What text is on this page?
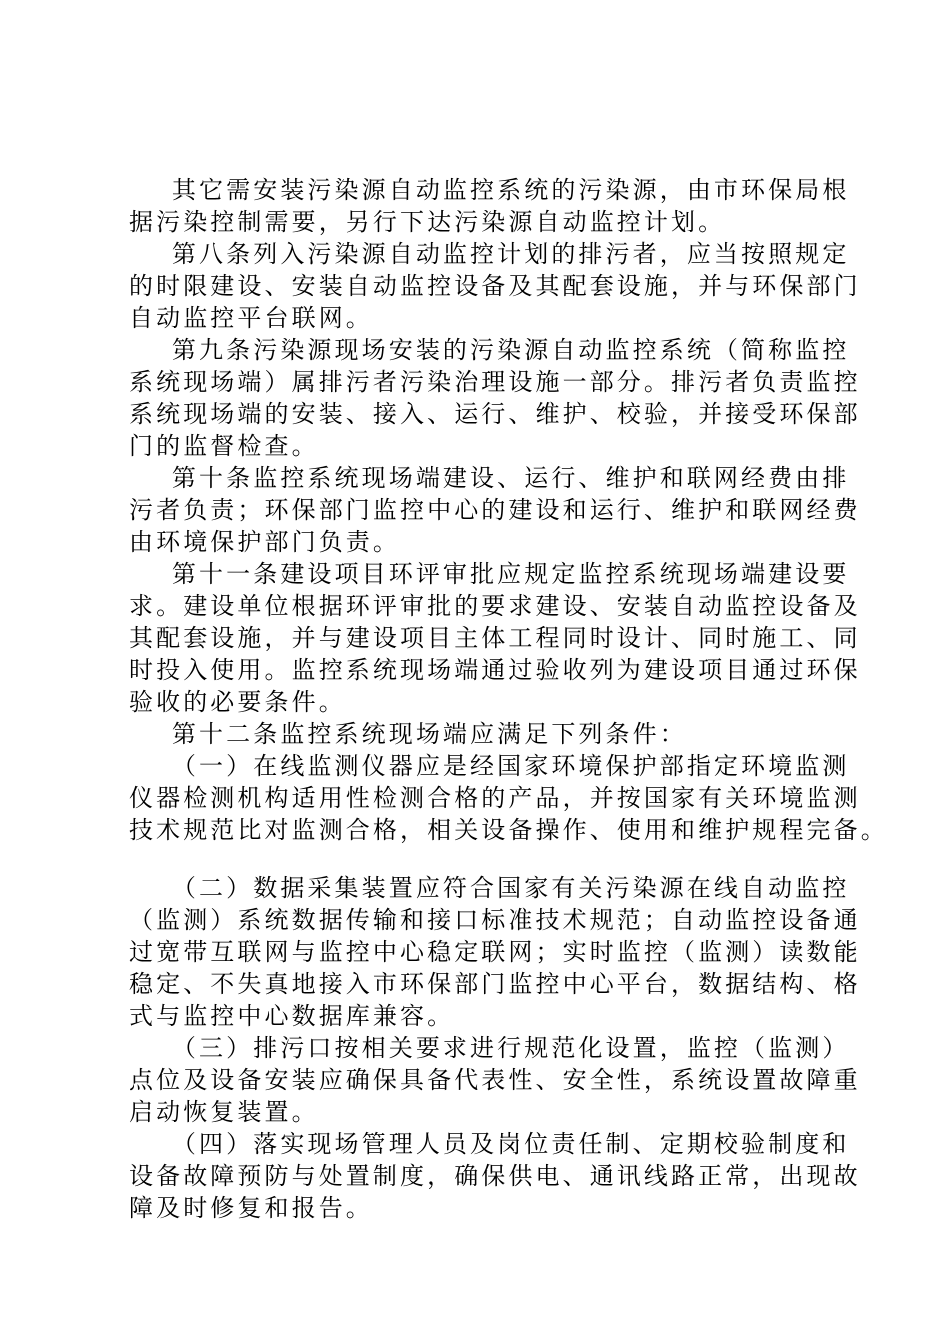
其它需安装污染源自动监控系统的污染源，由市环保局根
据污染控制需要，另行下达污染源自动监控计划。
第八条列入污染源自动监控计划的排污者，应当按照规定
的时限建设、安装自动监控设备及其配套设施，并与环保部门
自动监控平台联网。
第九条污染源现场安装的污染源自动监控系统（简称监控
系统现场端）属排污者污染治理设施一部分。排污者负责监控
系统现场端的安装、接入、运行、维护、校验，并接受环保部
门的监督检查。
第十条监控系统现场端建设、运行、维护和联网经费由排
污者负责；环保部门监控中心的建设和运行、维护和联网经费
由环境保护部门负责。
第十一条建设项目环评审批应规定监控系统现场端建设要
求。建设单位根据环评审批的要求建设、安装自动监控设备及
其配套设施，并与建设项目主体工程同时设计、同时施工、同
时投入使用。监控系统现场端通过验收列为建设项目通过环保
验收的必要条件。
第十二条监控系统现场端应满足下列条件：
（一）在线监测仪器应是经国家环境保护部指定环境监测
仪器检测机构适用性检测合格的产品，并按国家有关环境监测
技术规范比对监测合格，相关设备操作、使用和维护规程完备。
（二）数据采集装置应符合国家有关污染源在线自动监控
（监测）系统数据传输和接口标准技术规范；自动监控设备通
过宽带互联网与监控中心稳定联网；实时监控（监测）读数能
稳定、不失真地接入市环保部门监控中心平台，数据结构、格
式与监控中心数据库兼容。
（三）排污口按相关要求进行规范化设置，监控（监测）
点位及设备安装应确保具备代表性、安全性，系统设置故障重
启动恢复装置。
（四）落实现场管理人员及岗位责任制、定期校验制度和
设备故障预防与处置制度，确保供电、通讯线路正常，出现故
障及时修复和报告。
